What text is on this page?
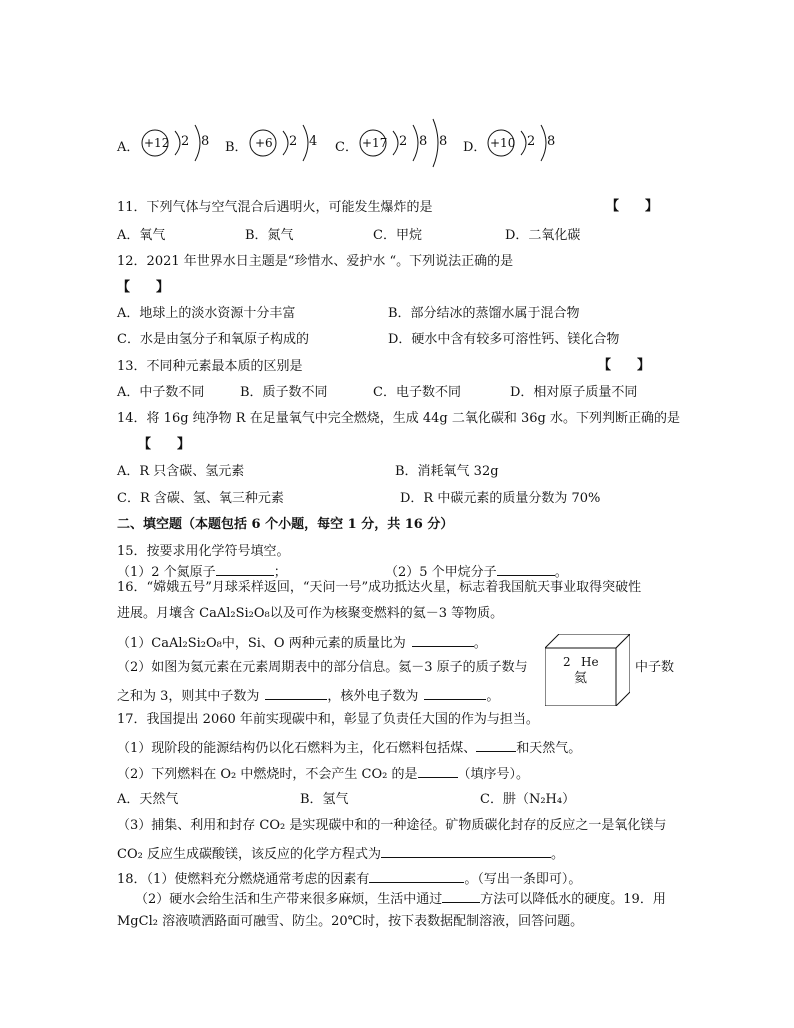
A． +12 2 8 B． +6 2 4 C． +17 2 8 8 D． +10 2 8
11．下列气体与空气混合后遇明火，可能发生爆炸的是	【　　】
A．氧气	B．氮气	C．甲烷	D．二氧化碳
12．2021 年世界水日主题是“珍惜水、爱护水 “。下列说法正确的是
【　　】
A．地球上的淡水资源十分丰富	B．部分结冰的蒸馏水属于混合物
C．水是由氢分子和氧原子构成的	D．硬水中含有较多可溶性钙、镁化合物
13．不同种元素最本质的区别是	【　　】
A．中子数不同	B．质子数不同	C．电子数不同	D．相对原子质量不同
14．将 16g 纯净物 R 在足量氧气中完全燃烧，生成 44g 二氧化碳和 36g 水。下列判断正确的是
【　　】
A．R 只含碳、氢元素	B．消耗氧气 32g
C．R 含碳、氢、氧三种元素	D．R 中碳元素的质量分数为 70%
二、填空题（本题包括 6 个小题，每空 1 分，共 16 分）
15．按要求用化学符号填空。
（1）2 个氮原子	；	（2）5 个甲烷分子	。
16．“嫦娥五号”月球采样返回，“天问一号”成功抵达火星，标志着我国航天事业取得突破性
进展。月壤含 CaAl₂Si₂O₈以及可作为核聚变燃料的氦－3 等物质。
（1）CaAl₂Si₂O₈中，Si、O 两种元素的质量比为	。
（2）如图为氦元素在元素周期表中的部分信息。氦－3 原子的质子数与	中子数
之和为 3，则其中子数为	，核外电子数为	。
2 He
氦
17．我国提出 2060 年前实现碳中和，彰显了负责任大国的作为与担当。
（1）现阶段的能源结构仍以化石燃料为主，化石燃料包括煤、	和天然气。
（2）下列燃料在 O₂ 中燃烧时，不会产生 CO₂ 的是	（填序号）。
A．天然气	B．氢气	C．肼（N₂H₄）
（3）捕集、利用和封存 CO₂ 是实现碳中和的一种途径。矿物质碳化封存的反应之一是氧化镁与
CO₂ 反应生成碳酸镁，该反应的化学方程式为	。
18．（1）使燃料充分燃烧通常考虑的因素有	。（写出一条即可）。
（2）硬水会给生活和生产带来很多麻烦，生活中通过	方法可以降低水的硬度。19．用
MgCl₂ 溶液喷洒路面可融雪、防尘。20℃时，按下表数据配制溶液，回答问题。
